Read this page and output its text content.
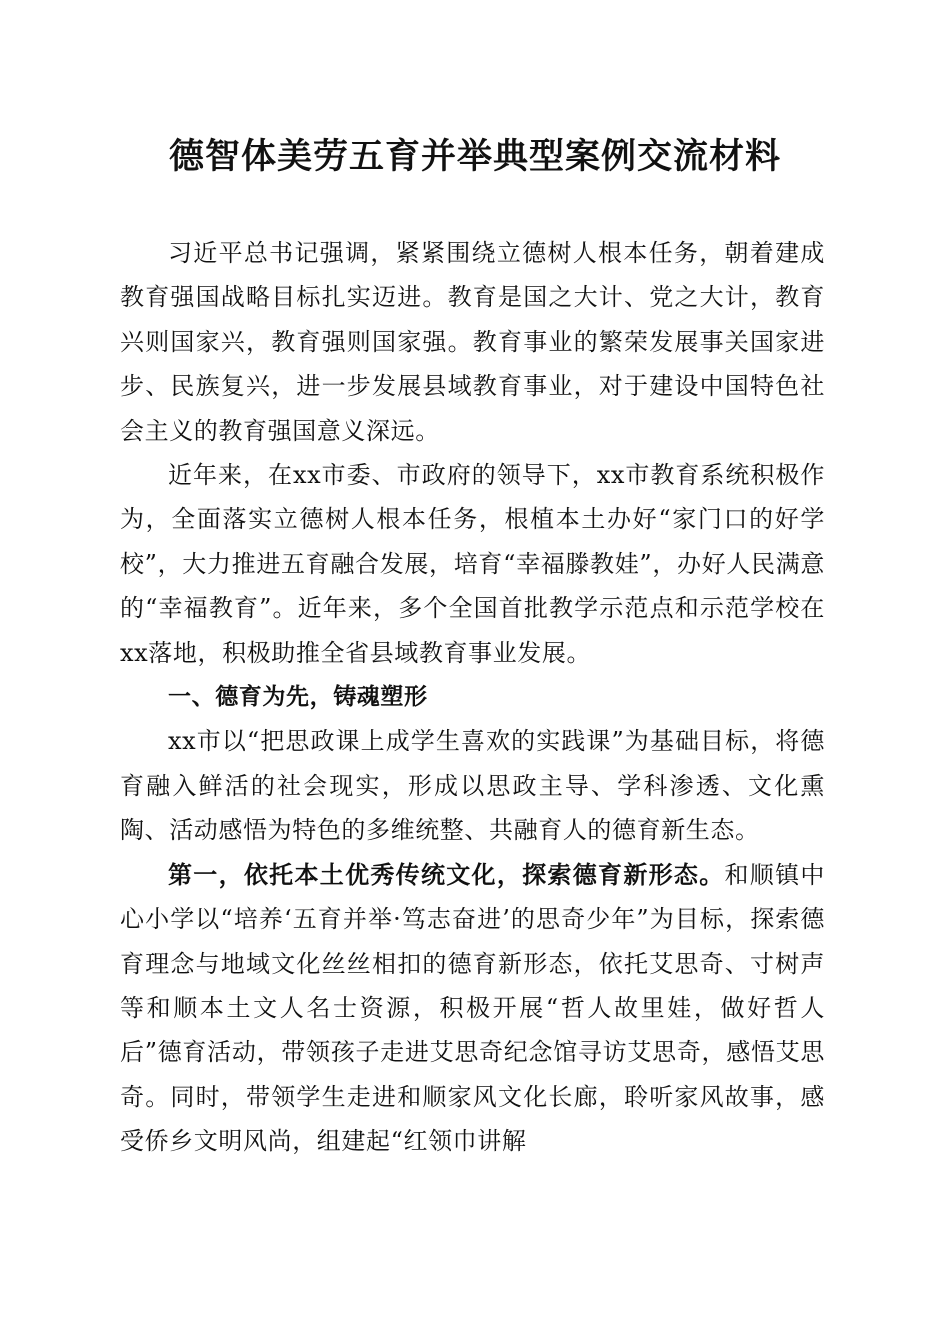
德智体美劳五育并举典型案例交流材料

习近平总书记强调，紧紧围绕立德树人根本任务，朝着建成教育强国战略目标扎实迈进。教育是国之大计、党之大计，教育兴则国家兴，教育强则国家强。教育事业的繁荣发展事关国家进步、民族复兴，进一步发展县域教育事业，对于建设中国特色社会主义的教育强国意义深远。

近年来，在xx市委、市政府的领导下，xx市教育系统积极作为，全面落实立德树人根本任务，根植本土办好“家门口的好学校”，大力推进五育融合发展，培育“幸福滕教娃”，办好人民满意的“幸福教育”。近年来，多个全国首批教学示范点和示范学校在xx落地，积极助推全省县域教育事业发展。

一、德育为先，铸魂塑形

xx市以“把思政课上成学生喜欢的实践课”为基础目标，将德育融入鲜活的社会现实，形成以思政主导、学科渗透、文化熏陶、活动感悟为特色的多维统整、共融育人的德育新生态。

第一，依托本土优秀传统文化，探索德育新形态。和顺镇中心小学以“培养‘五育并举·笃志奋进’的思奇少年”为目标，探索德育理念与地域文化丝丝相扣的德育新形态，依托艾思奇、寸树声等和顺本土文人名士资源，积极开展“哲人故里娃，做好哲人后”德育活动，带领孩子走进艾思奇纪念馆寻访艾思奇，感悟艾思奇。同时，带领学生走进和顺家风文化长廊，聆听家风故事，感受侨乡文明风尚，组建起“红领巾讲解
